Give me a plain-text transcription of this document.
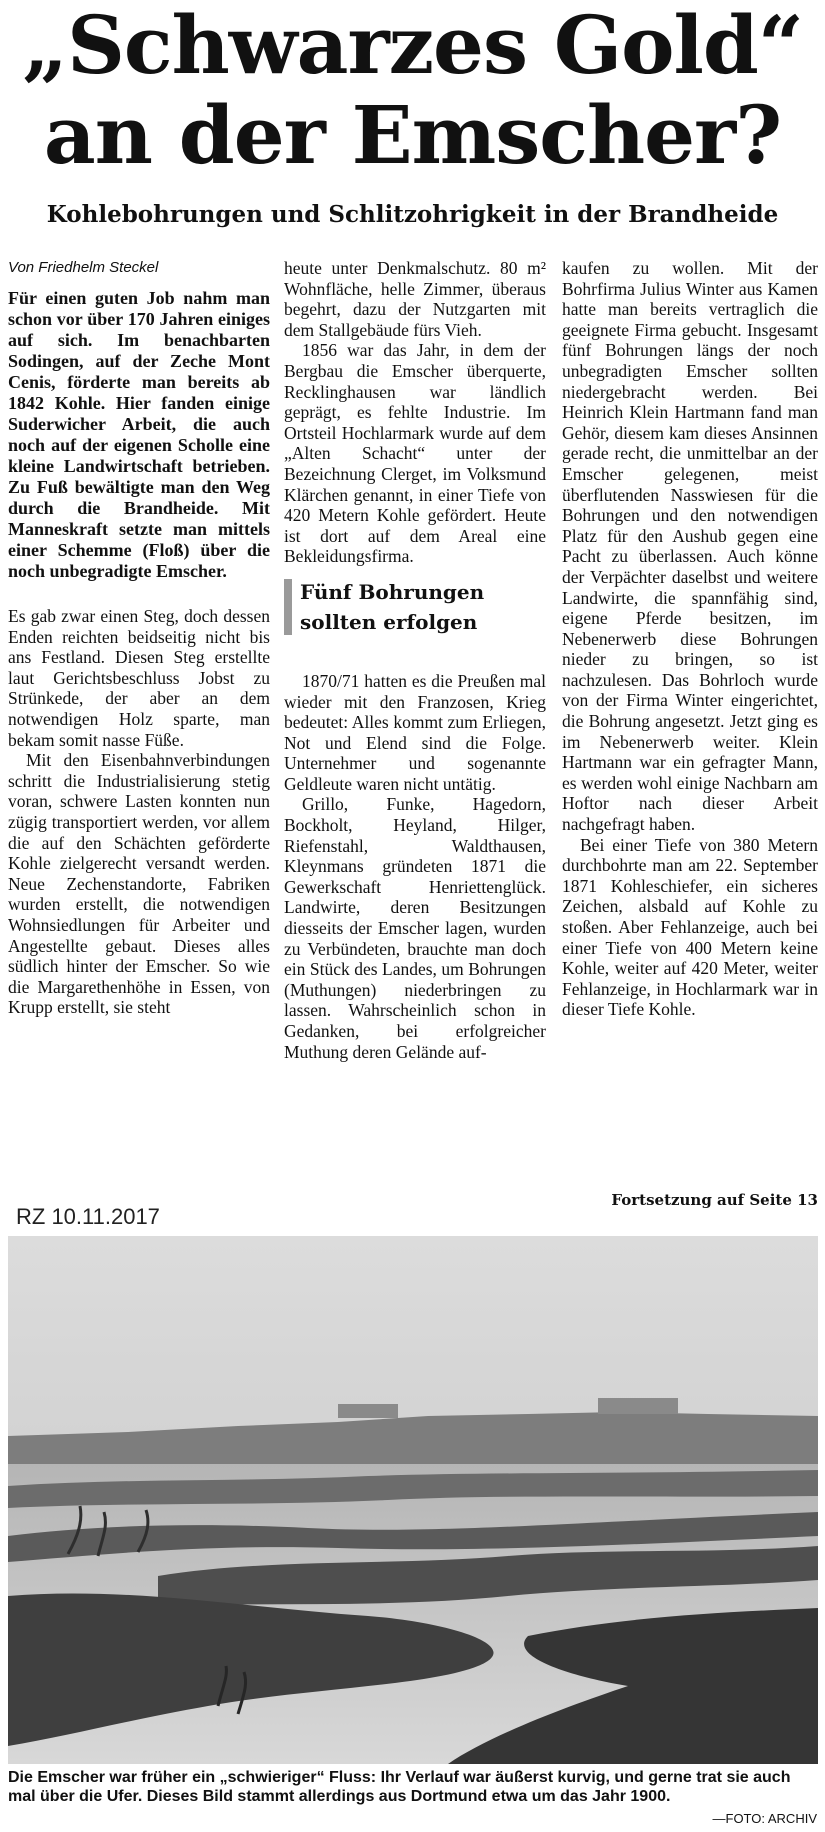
„Schwarzes Gold“
an der Emscher?
Kohlebohrungen und Schlitzohrigkeit in der Brandheide

Von Friedhelm Steckel

Für einen guten Job nahm man schon vor über 170 Jahren einiges auf sich. Im benachbarten Sodingen, auf der Zeche Mont Cenis, förderte man bereits ab 1842 Kohle. Hier fanden einige Suderwicher Arbeit, die auch noch auf der eigenen Scholle eine kleine Landwirtschaft betrieben. Zu Fuß bewältigte man den Weg durch die Brandheide. Mit Manneskraft setzte man mittels einer Schemme (Floß) über die noch unbegradigte Emscher.

Es gab zwar einen Steg, doch dessen Enden reichten beidseitig nicht bis ans Festland. Diesen Steg erstellte laut Gerichtsbeschluss Jobst zu Strünkede, der aber an dem notwendigen Holz sparte, man bekam somit nasse Füße.

Mit den Eisenbahnverbindungen schritt die Industrialisierung stetig voran, schwere Lasten konnten nun zügig transportiert werden, vor allem die auf den Schächten geförderte Kohle zielgerecht versandt werden. Neue Zechenstandorte, Fabriken wurden erstellt, die notwendigen Wohnsiedlungen für Arbeiter und Angestellte gebaut. Dieses alles südlich hinter der Emscher. So wie die Margarethenhöhe in Essen, von Krupp erstellt, sie steht

heute unter Denkmalschutz. 80 m² Wohnfläche, helle Zimmer, überaus begehrt, dazu der Nutzgarten mit dem Stallgebäude fürs Vieh.

1856 war das Jahr, in dem der Bergbau die Emscher überquerte, Recklinghausen war ländlich geprägt, es fehlte Industrie. Im Ortsteil Hochlarmark wurde auf dem „Alten Schacht“ unter der Bezeichnung Clerget, im Volksmund Klärchen genannt, in einer Tiefe von 420 Metern Kohle gefördert. Heute ist dort auf dem Areal eine Bekleidungsfirma.

Fünf Bohrungen
sollten erfolgen

1870/71 hatten es die Preußen mal wieder mit den Franzosen, Krieg bedeutet: Alles kommt zum Erliegen, Not und Elend sind die Folge. Unternehmer und sogenannte Geldleute waren nicht untätig.

Grillo, Funke, Hagedorn, Bockholt, Heyland, Hilger, Riefenstahl, Waldthausen, Kleynmans gründeten 1871 die Gewerkschaft Henriettenglück. Landwirte, deren Besitzungen diesseits der Emscher lagen, wurden zu Verbündeten, brauchte man doch ein Stück des Landes, um Bohrungen (Muthungen) niederbringen zu lassen. Wahrscheinlich schon in Gedanken, bei erfolgreicher Muthung deren Gelände auf-

kaufen zu wollen. Mit der Bohrfirma Julius Winter aus Kamen hatte man bereits vertraglich die geeignete Firma gebucht. Insgesamt fünf Bohrungen längs der noch unbegradigten Emscher sollten niedergebracht werden. Bei Heinrich Klein Hartmann fand man Gehör, diesem kam dieses Ansinnen gerade recht, die unmittelbar an der Emscher gelegenen, meist überflutenden Nasswiesen für die Bohrungen und den notwendigen Platz für den Aushub gegen eine Pacht zu überlassen. Auch könne der Verpächter daselbst und weitere Landwirte, die spannfähig sind, eigene Pferde besitzen, im Nebenerwerb diese Bohrungen nieder zu bringen, so ist nachzulesen. Das Bohrloch wurde von der Firma Winter eingerichtet, die Bohrung angesetzt. Jetzt ging es im Nebenerwerb weiter. Klein Hartmann war ein gefragter Mann, es werden wohl einige Nachbarn am Hoftor nach dieser Arbeit nachgefragt haben.

Bei einer Tiefe von 380 Metern durchbohrte man am 22. September 1871 Kohleschiefer, ein sicheres Zeichen, alsbald auf Kohle zu stoßen. Aber Fehlanzeige, auch bei einer Tiefe von 400 Metern keine Kohle, weiter auf 420 Meter, weiter Fehlanzeige, in Hochlarmark war in dieser Tiefe Kohle.

Fortsetzung auf Seite 13
RZ 10.11.2017
Die Emscher war früher ein „schwieriger“ Fluss: Ihr Verlauf war äußerst kurvig, und gerne trat sie auch mal über die Ufer. Dieses Bild stammt allerdings aus Dortmund etwa um das Jahr 1900.
—FOTO: ARCHIV
